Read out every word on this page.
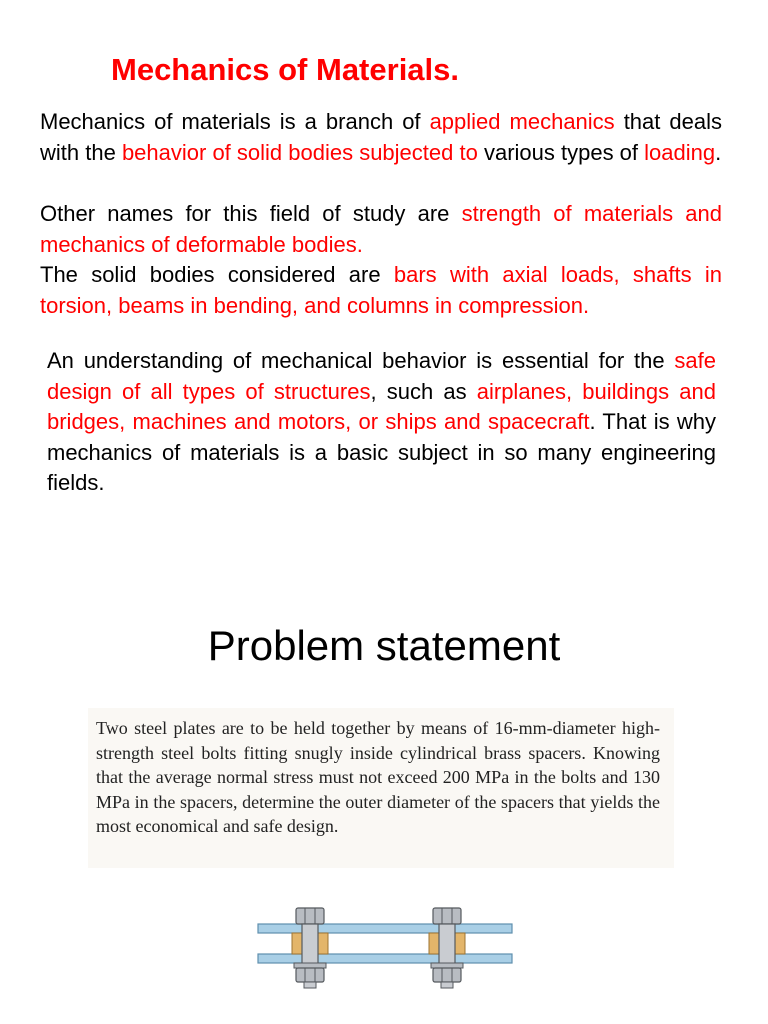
Mechanics of Materials.

Mechanics of materials is a branch of applied mechanics that deals with the behavior of solid bodies subjected to various types of loading.

Other names for this field of study are strength of materials and mechanics of deformable bodies.

The solid bodies considered are bars with axial loads, shafts in torsion, beams in bending, and columns in compression.

An understanding of mechanical behavior is essential for the safe design of all types of structures, such as airplanes, buildings and bridges, machines and motors, or ships and spacecraft. That is why mechanics of materials is a basic subject in so many engineering fields.

Problem statement

Two steel plates are to be held together by means of 16-mm-diameter high-strength steel bolts fitting snugly inside cylindrical brass spacers. Knowing that the average normal stress must not exceed 200 MPa in the bolts and 130 MPa in the spacers, determine the outer diameter of the spacers that yields the most economical and safe design.
